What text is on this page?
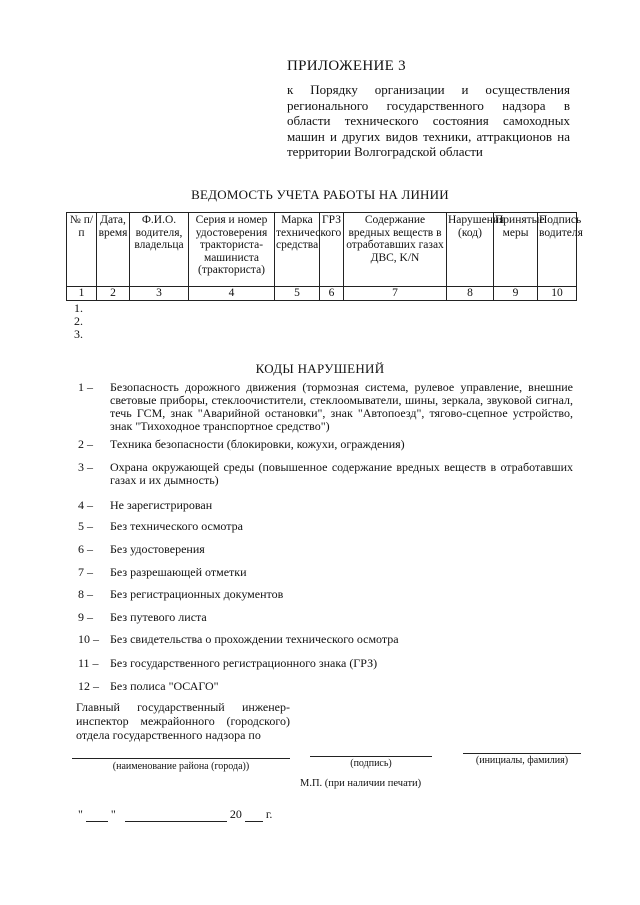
ПРИЛОЖЕНИЕ 3
к Порядку организации и осуществления регионального государственного надзора в области технического состояния самоходных машин и других видов техники, аттракционов на территории Волгоградской области
ВЕДОМОСТЬ УЧЕТА РАБОТЫ НА ЛИНИИ
№ п/п	Дата, время	Ф.И.О. водителя, владельца	Серия и номер удостоверения тракториста-машиниста (тракториста)	Марка технического средства	ГРЗ	Содержание вредных веществ в отработавших газах ДВС, K/N	Нарушения (код)	Принятые меры	Подпись водителя
1	2	3	4	5	6	7	8	9	10
1.
2.
3.
КОДЫ НАРУШЕНИЙ
1 –	Безопасность дорожного движения (тормозная система, рулевое управление, внешние световые приборы, стеклоочистители, стеклоомыватели, шины, зеркала, звуковой сигнал, течь ГСМ, знак "Аварийной остановки", знак "Автопоезд", тягово-сцепное устройство, знак "Тихоходное транспортное средство")
2 –	Техника безопасности (блокировки, кожухи, ограждения)
3 –	Охрана окружающей среды (повышенное содержание вредных веществ в отработавших газах и их дымность)
4 –	Не зарегистрирован
5 –	Без технического осмотра
6 –	Без удостоверения
7 –	Без разрешающей отметки
8 –	Без регистрационных документов
9 –	Без путевого листа
10 – Без свидетельства о прохождении технического осмотра
11 – Без государственного регистрационного знака (ГРЗ)
12 – Без полиса "ОСАГО"
Главный государственный инженер-инспектор межрайонного (городского) отдела государственного надзора по
(наименование района (города))	(подпись)	(инициалы, фамилия)
М.П. (при наличии печати)
" "	20 г.
